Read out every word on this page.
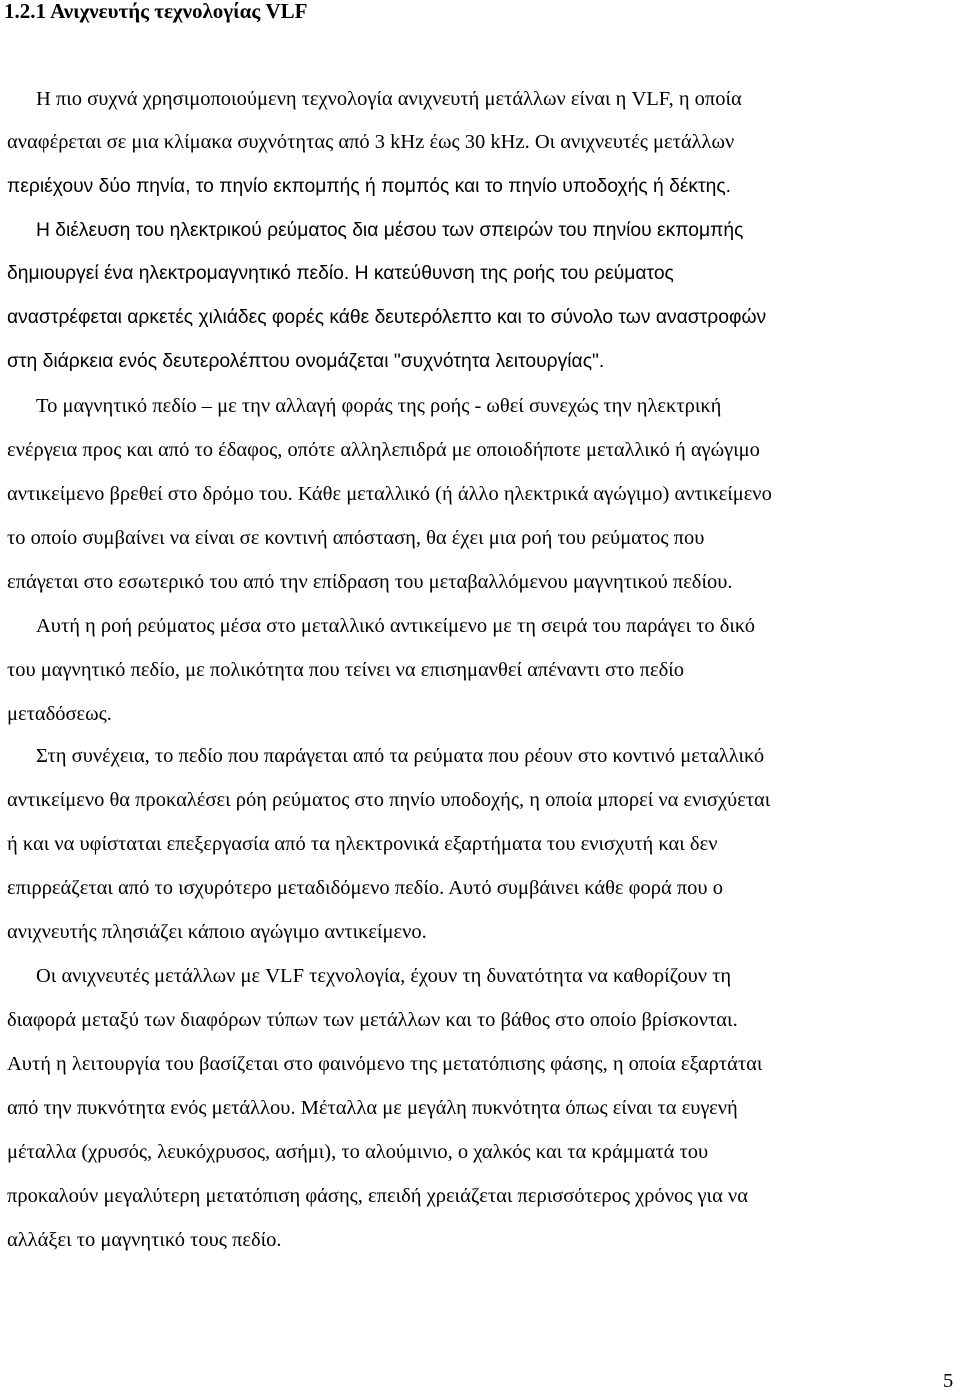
1.2.1 Ανιχνευτής τεχνολογίας VLF

Η πιο συχνά χρησιμοποιούμενη τεχνολογία ανιχνευτή μετάλλων είναι η VLF, η οποία

αναφέρεται σε μια κλίμακα συχνότητας από 3 kHz έως 30 kHz. Οι ανιχνευτές μετάλλων

περιέχουν δύο πηνία, το πηνίο εκπομπής ή πομπός και το πηνίο υποδοχής ή δέκτης.

Η διέλευση του ηλεκτρικού ρεύματος δια μέσου των σπειρών του πηνίου εκπομπής

δημιουργεί ένα ηλεκτρομαγνητικό πεδίο. Η κατεύθυνση της ροής του ρεύματος

αναστρέφεται αρκετές χιλιάδες φορές κάθε δευτερόλεπτο και το σύνολο των αναστροφών

στη διάρκεια ενός δευτερολέπτου ονομάζεται "συχνότητα λειτουργίας".

Το μαγνητικό πεδίο – με την αλλαγή φοράς της ροής - ωθεί συνεχώς την ηλεκτρική

ενέργεια προς και από το έδαφος, οπότε αλληλεπιδρά με οποιοδήποτε μεταλλικό ή αγώγιμο

αντικείμενο βρεθεί στο δρόμο του. Κάθε μεταλλικό (ή άλλο ηλεκτρικά αγώγιμο) αντικείμενο

το οποίο συμβαίνει να είναι σε κοντινή απόσταση, θα έχει μια ροή του ρεύματος που

επάγεται στο εσωτερικό του από την επίδραση του μεταβαλλόμενου μαγνητικού πεδίου.

Αυτή η ροή ρεύματος μέσα στο μεταλλικό αντικείμενο με τη σειρά του παράγει το δικό

του μαγνητικό πεδίο, με πολικότητα που τείνει να επισημανθεί απέναντι στο πεδίο

μεταδόσεως.

Στη συνέχεια, το πεδίο που παράγεται από τα ρεύματα που ρέουν στο κοντινό μεταλλικό

αντικείμενο θα προκαλέσει ρόη ρεύματος στο πηνίο υποδοχής, η οποία μπορεί να ενισχύεται

ή και να υφίσταται επεξεργασία από τα ηλεκτρονικά εξαρτήματα του ενισχυτή και δεν

επιρρεάζεται από το ισχυρότερο μεταδιδόμενο πεδίο. Αυτό συμβάινει κάθε φορά που ο

ανιχνευτής πλησιάζει κάποιο αγώγιμο αντικείμενο.

Οι ανιχνευτές μετάλλων με VLF τεχνολογία, έχουν τη δυνατότητα να καθορίζουν τη

διαφορά μεταξύ των διαφόρων τύπων των μετάλλων και το βάθος στο οποίο βρίσκονται.

Αυτή η λειτουργία του βασίζεται στο φαινόμενο της μετατόπισης φάσης, η οποία εξαρτάται

από την πυκνότητα ενός μετάλλου. Μέταλλα με μεγάλη πυκνότητα όπως είναι τα ευγενή

μέταλλα (χρυσός, λευκόχρυσος, ασήμι), το αλούμινιο, ο χαλκός και τα κράμματά του

προκαλούν μεγαλύτερη μετατόπιση φάσης, επειδή χρειάζεται περισσότερος χρόνος για να

αλλάξει το μαγνητικό τους πεδίο.

5
